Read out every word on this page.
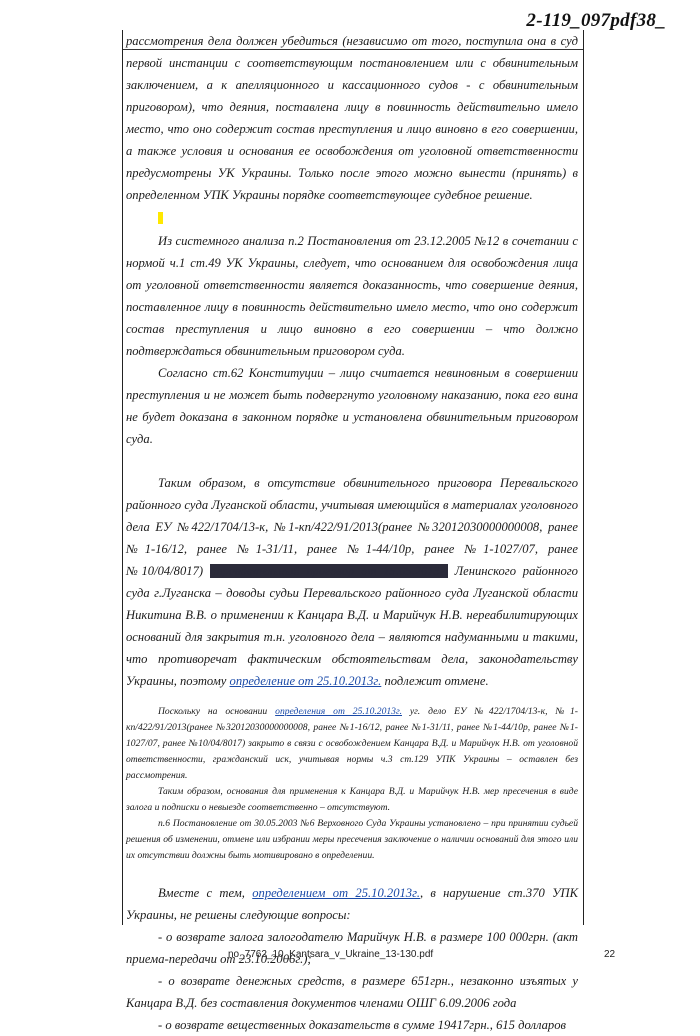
2-119_097pdf38_

рассмотрения дела должен убедиться (независимо от того, поступила она в суд первой инстанции с соответствующим постановлением или с обвинительным заключением, а к апелляционного и кассационного судов - с обвинительным приговором), что деяния, поставлена лицу в повинность действительно имело место, что оно содержит состав преступления и лицо виновно в его совершении, а также условия и основания ее освобождения от уголовной ответственности предусмотрены УК Украины. Только после этого можно вынести (принять) в определенном УПК Украины порядке соответствующее судебное решение.

Из системного анализа п.2 Постановления от 23.12.2005 №12 в сочетании с нормой ч.1 ст.49 УК Украины, следует, что основанием для освобождения лица от уголовной ответственности является доказанность, что совершение деяния, поставленное лицу в повинность действительно имело место, что оно содержит состав преступления и лицо виновно в его совершении – что должно подтверждаться обвинительным приговором суда.

Согласно ст.62 Конституции – лицо считается невиновным в совершении преступления и не может быть подвергнуто уголовному наказанию, пока его вина не будет доказана в законном порядке и установлена обвинительным приговором суда.

Таким образом, в отсутствие обвинительного приговора Перевальского районного суда Луганской области, учитывая имеющийся в материалах уголовного дела ЕУ №422/1704/13-к, №1-кп/422/91/2013(ранее №32012030000000008, ранее №1-16/12, ранее №1-31/11, ранее №1-44/10р, ранее №1-1027/07, ранее №10/04/8017) оправдательный приговор от 15.05.2013г. Ленинского районного суда г.Луганска – доводы судьи Перевальского районного суда Луганской области Никитина В.В. о применении к Канцара В.Д. и Марийчук Н.В. нереабилитирующих оснований для закрытия т.н. уголовного дела – являются надуманными и такими, что противоречат фактическим обстоятельствам дела, законодательству Украины, поэтому определение от 25.10.2013г. подлежит отмене.

Поскольку на основании определения от 25.10.2013г. уг. дело ЕУ №422/1704/13-к, №1-кп/422/91/2013(ранее №32012030000000008, ранее №1-16/12, ранее №1-31/11, ранее №1-44/10р, ранее №1-1027/07, ранее №10/04/8017) закрыто в связи с освобождением Канцара В.Д. и Марийчук Н.В. от уголовной ответственности, гражданский иск, учитывая нормы ч.3 ст.129 УПК Украины – оставлен без рассмотрения.

Таким образом, основания для применения к Канцара В.Д. и Марийчук Н.В. мер пресечения в виде залога и подписки о невыезде соответственно – отсутствуют.

п.6 Постановление от 30.05.2003 №6 Верховного Суда Украины установлено – при принятии судьей решения об изменении, отмене или избрании меры пресечения заключение о наличии оснований для этого или их отсутствии должны быть мотивировано в определении.

Вместе с тем, определением от 25.10.2013г., в нарушение ст.370 УПК Украины, не решены следующие вопросы:

- о возврате залога залогодателю Марийчук Н.В. в размере 100 000грн. (акт приема-передачи от 23.10.2006г.);

- о возврате денежных средств, в размере 651грн., незаконно изъятых у Канцара В.Д. без составления документов членами ОШГ 6.09.2006 года

- о возврате вещественных доказательств в сумме 19417грн., 615 долларов

no_7762_10_Kantsara_v_Ukraine_13-130.pdf	22
